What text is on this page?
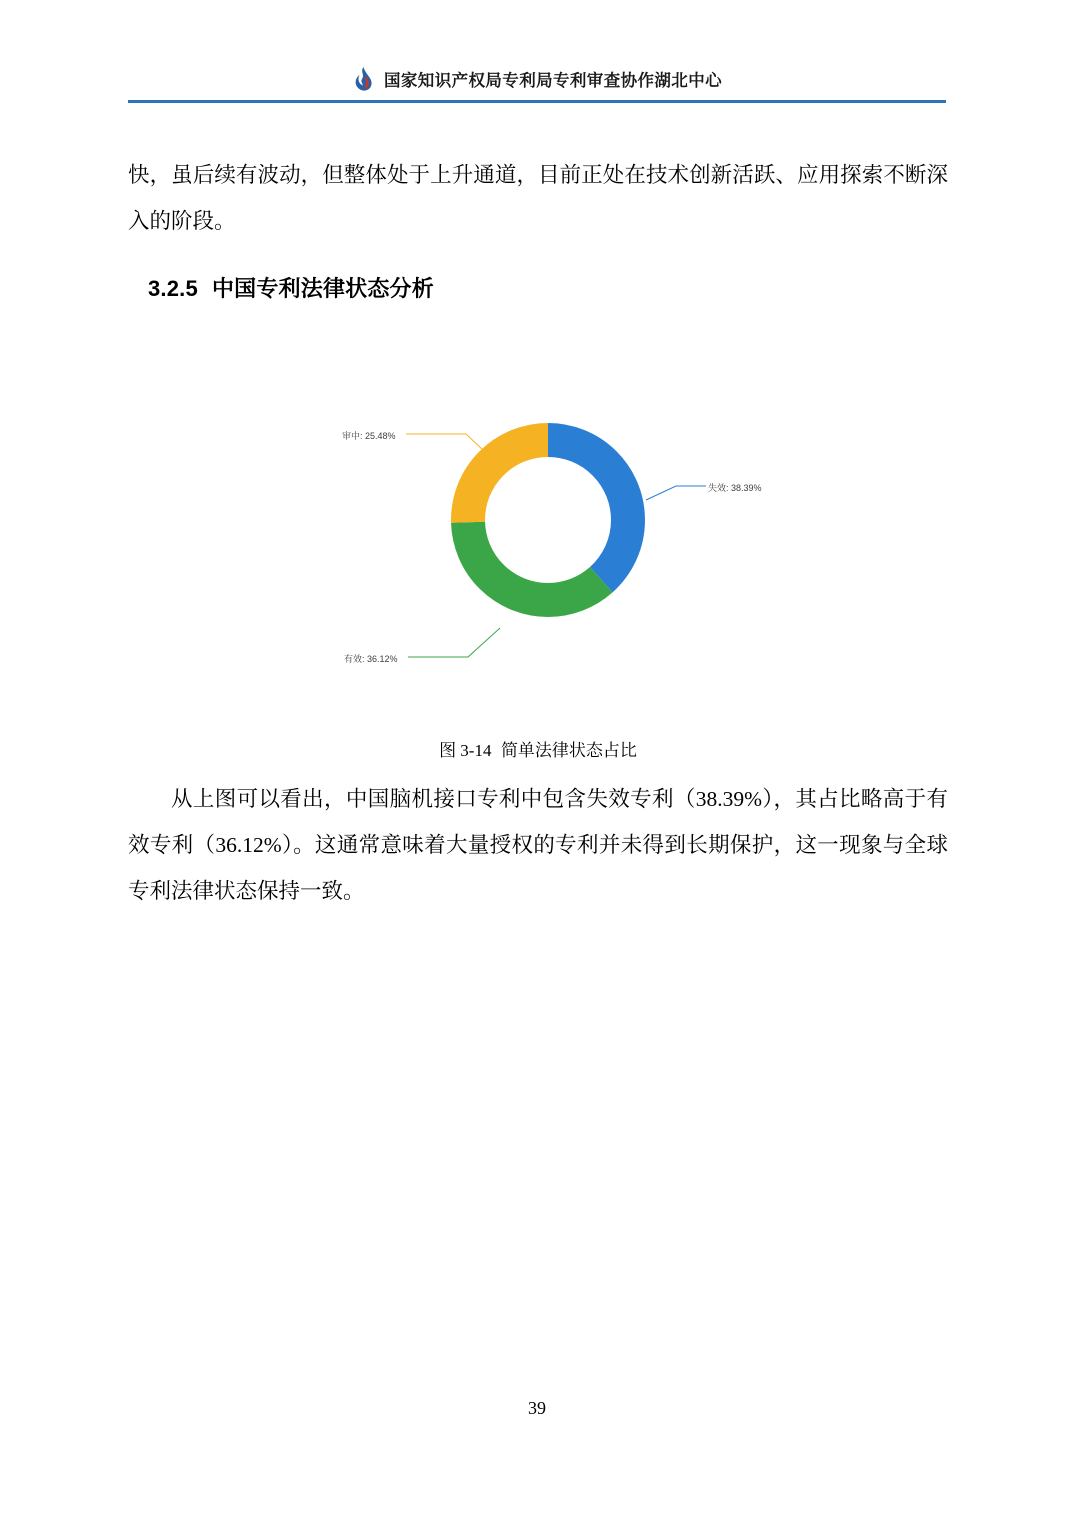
国家知识产权局专利局专利审查协作湖北中心
快，虽后续有波动，但整体处于上升通道，目前正处在技术创新活跃、应用探索不断深入的阶段。
3.2.5 中国专利法律状态分析
审中: 25.48%
失效: 38.39%
有效: 36.12%
图 3-14 简单法律状态占比
从上图可以看出，中国脑机接口专利中包含失效专利（38.39%），其占比略高于有效专利（36.12%）。这通常意味着大量授权的专利并未得到长期保护，这一现象与全球专利法律状态保持一致。
39
